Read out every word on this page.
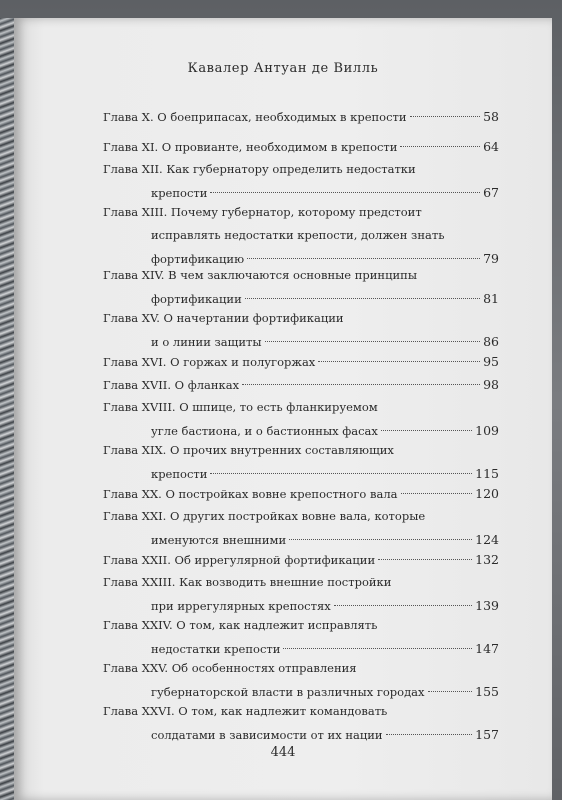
Кавалер Антуан де Вилль
Глава X. О боеприпасах, необходимых в крепости	58
Глава XI. О провианте, необходимом в крепости	64
Глава XII. Как губернатору определить недостатки
крепости	67
Глава XIII. Почему губернатор, которому предстоит
исправлять недостатки крепости, должен знать
фортификацию	79
Глава XIV. В чем заключаются основные принципы
фортификации	81
Глава XV. О начертании фортификации
и о линии защиты	86
Глава XVI. О горжах и полугоржах	95
Глава XVII. О фланках	98
Глава XVIII. О шпице, то есть фланкируемом
угле бастиона, и о бастионных фасах	109
Глава XIX. О прочих внутренних составляющих
крепости	115
Глава XX. О постройках вовне крепостного вала	120
Глава XXI. О других постройках вовне вала, которые
именуются внешними	124
Глава XXII. Об иррегулярной фортификации	132
Глава XXIII. Как возводить внешние постройки
при иррегулярных крепостях	139
Глава XXIV. О том, как надлежит исправлять
недостатки крепости	147
Глава XXV. Об особенностях отправления
губернаторской власти в различных городах	155
Глава XXVI. О том, как надлежит командовать
солдатами в зависимости от их нации	157
444
